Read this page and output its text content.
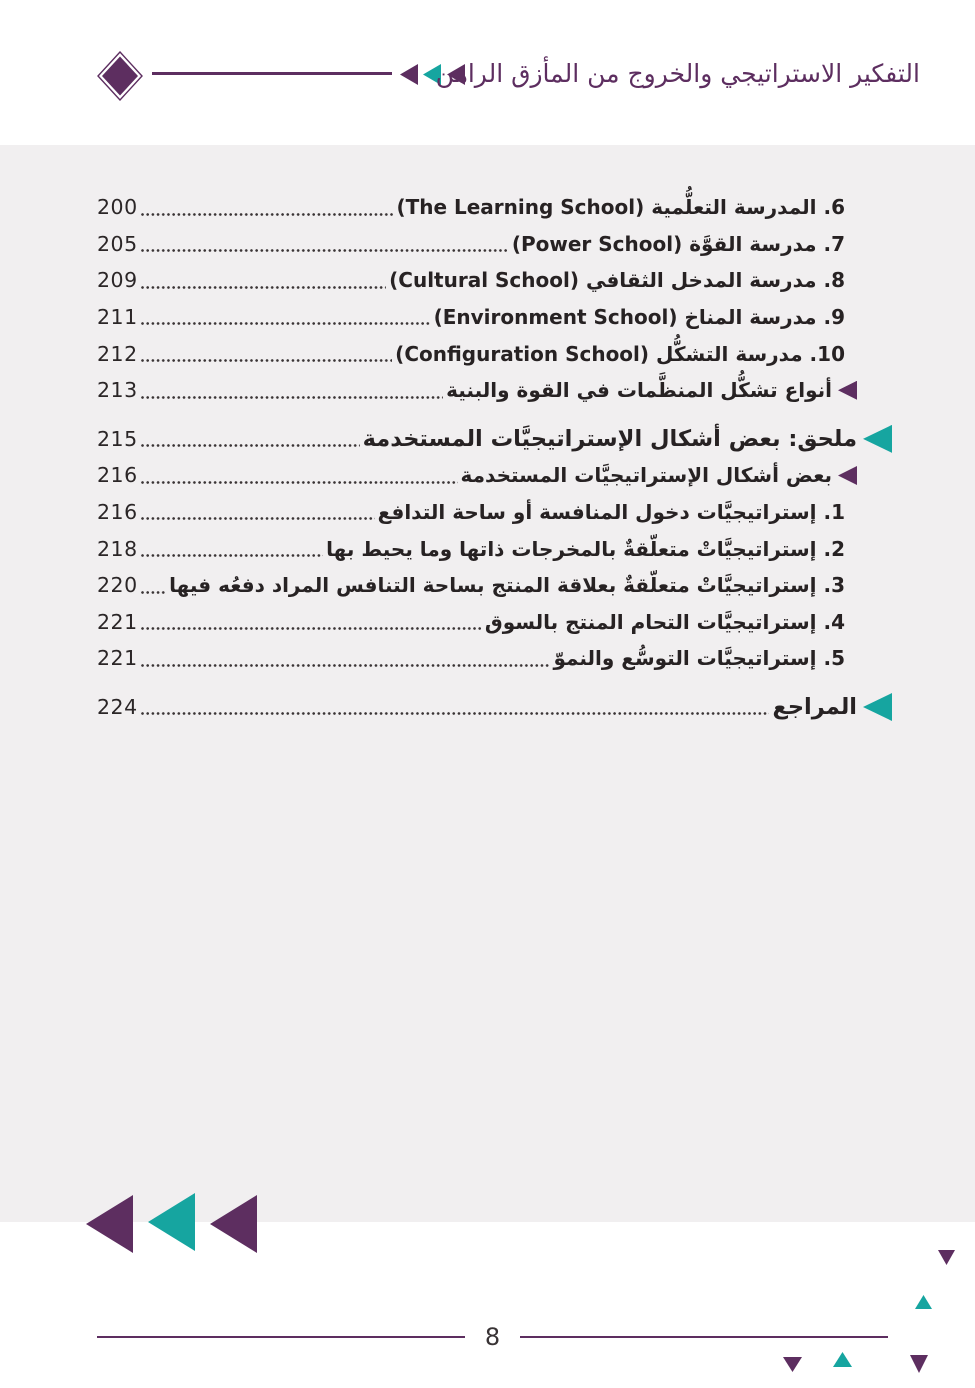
التفكير الاستراتيجي والخروج من المأزق الراهن
6. المدرسة التعلُّمية (The Learning School)
200
7. مدرسة القوَّة (Power School)
205
8. مدرسة المدخل الثقافي (Cultural School)
209
9. مدرسة المناخ (Environment School)
211
10. مدرسة التشكُّل (Configuration School)
212
أنواع تشكُّل المنظَّمات في القوة والبنية
213
ملحق: بعض أشكال الإستراتيجيَّات المستخدمة
215
بعض أشكال الإستراتيجيَّات المستخدمة
216
1. إستراتيجيَّات دخول المنافسة أو ساحة التدافع
216
2. إستراتيجيَّاتْ متعلّقةٌ بالمخرجات ذاتها وما يحيط بها
218
3. إستراتيجيَّاتْ متعلّقةٌ بعلاقة المنتج بساحة التنافس المراد دفعُه فيها
220
4. إستراتيجيَّات التحام المنتج بالسوق
221
5. إستراتيجيَّات التوسُّع والنموّ
221
المراجع
224
8
